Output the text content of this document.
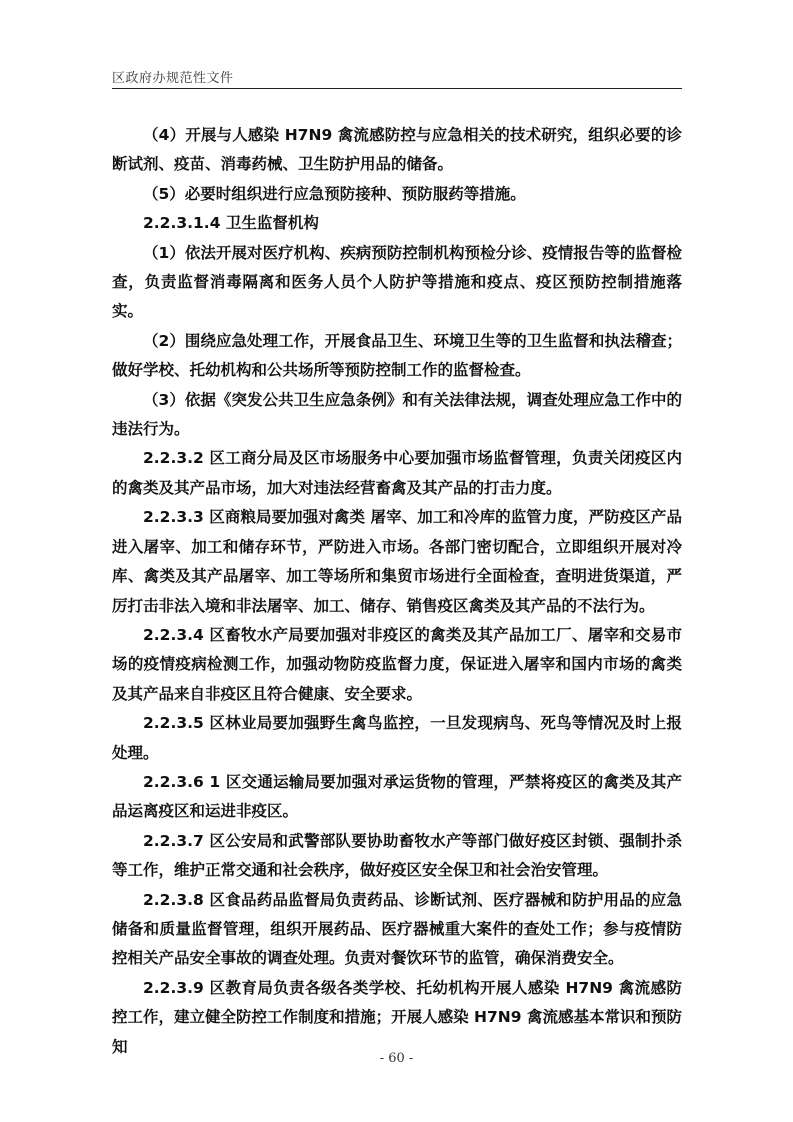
区政府办规范性文件

（4）开展与人感染 H7N9 禽流感防控与应急相关的技术研究，组织必要的诊断试剂、疫苗、消毒药械、卫生防护用品的储备。

（5）必要时组织进行应急预防接种、预防服药等措施。

2.2.3.1.4 卫生监督机构

（1）依法开展对医疗机构、疾病预防控制机构预检分诊、疫情报告等的监督检查，负责监督消毒隔离和医务人员个人防护等措施和疫点、疫区预防控制措施落实。

（2）围绕应急处理工作，开展食品卫生、环境卫生等的卫生监督和执法稽查；做好学校、托幼机构和公共场所等预防控制工作的监督检查。

（3）依据《突发公共卫生应急条例》和有关法律法规，调查处理应急工作中的违法行为。

2.2.3.2 区工商分局及区市场服务中心要加强市场监督管理，负责关闭疫区内的禽类及其产品市场，加大对违法经营畜禽及其产品的打击力度。

2.2.3.3 区商粮局要加强对禽类 屠宰、加工和冷库的监管力度，严防疫区产品进入屠宰、加工和储存环节，严防进入市场。各部门密切配合，立即组织开展对冷库、禽类及其产品屠宰、加工等场所和集贸市场进行全面检查，查明进货渠道，严厉打击非法入境和非法屠宰、加工、储存、销售疫区禽类及其产品的不法行为。

2.2.3.4 区畜牧水产局要加强对非疫区的禽类及其产品加工厂、屠宰和交易市场的疫情疫病检测工作，加强动物防疫监督力度，保证进入屠宰和国内市场的禽类及其产品来自非疫区且符合健康、安全要求。

2.2.3.5 区林业局要加强野生禽鸟监控，一旦发现病鸟、死鸟等情况及时上报处理。

2.2.3.6 1 区交通运输局要加强对承运货物的管理，严禁将疫区的禽类及其产品运离疫区和运进非疫区。

2.2.3.7 区公安局和武警部队要协助畜牧水产等部门做好疫区封锁、强制扑杀等工作，维护正常交通和社会秩序，做好疫区安全保卫和社会治安管理。

2.2.3.8 区食品药品监督局负责药品、诊断试剂、医疗器械和防护用品的应急储备和质量监督管理，组织开展药品、医疗器械重大案件的查处工作；参与疫情防控相关产品安全事故的调查处理。负责对餐饮环节的监管，确保消费安全。

2.2.3.9 区教育局负责各级各类学校、托幼机构开展人感染 H7N9 禽流感防控工作，建立健全防控工作制度和措施；开展人感染 H7N9 禽流感基本常识和预防知

- 60 -
